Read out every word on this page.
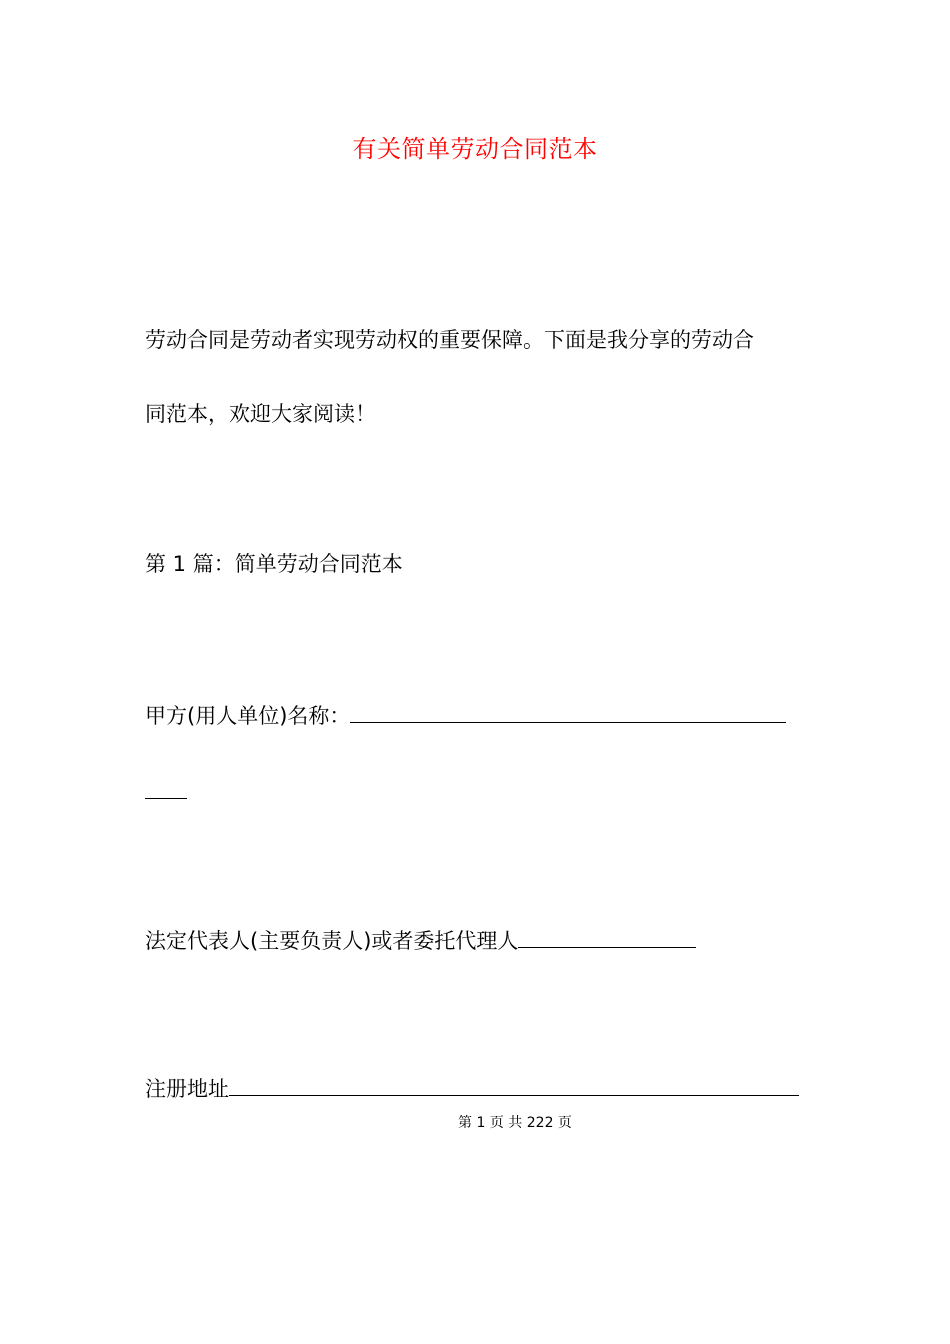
有关简单劳动合同范本
劳动合同是劳动者实现劳动权的重要保障。下面是我分享的劳动合
同范本，欢迎大家阅读！
第 1 篇：简单劳动合同范本
甲方(用人单位)名称：
法定代表人(主要负责人)或者委托代理人
注册地址
第 1 页 共 222 页
